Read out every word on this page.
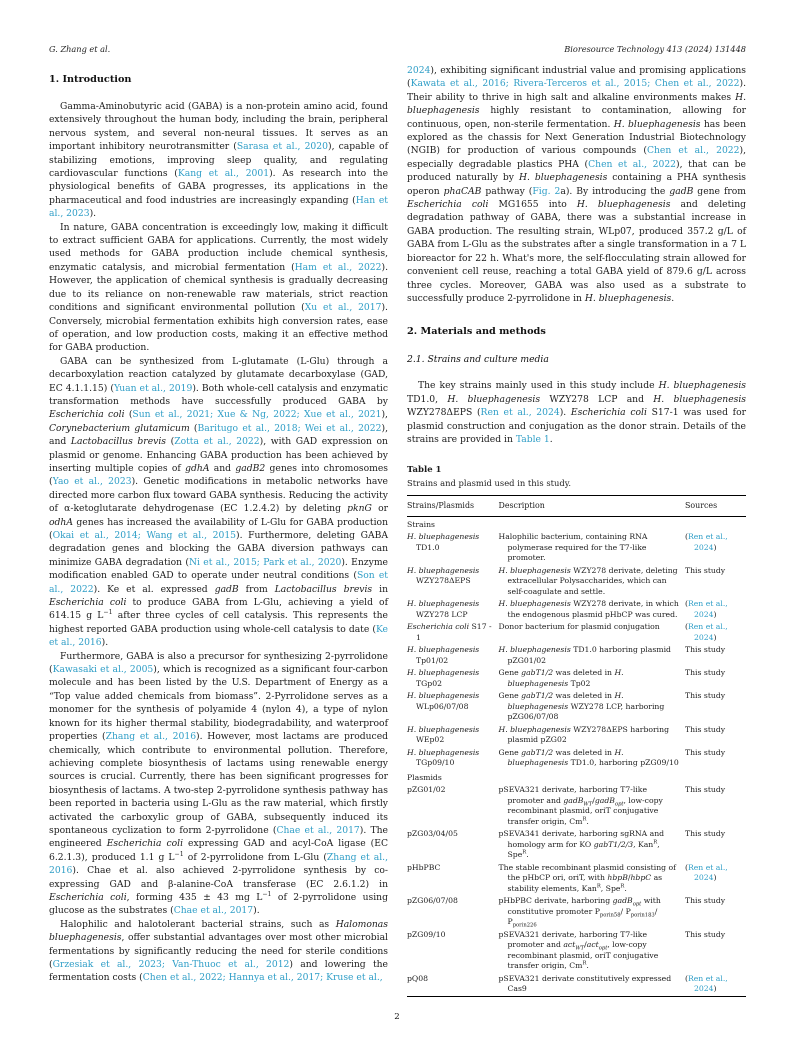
G. Zhang et al.	Bioresource Technology 413 (2024) 131448
1. Introduction

Gamma-Aminobutyric acid (GABA) is a non-protein amino acid, found extensively throughout the human body, including the brain, peripheral nervous system, and several non-neural tissues. It serves as an important inhibitory neurotransmitter (Sarasa et al., 2020), capable of stabilizing emotions, improving sleep quality, and regulating cardiovascular functions (Kang et al., 2001). As research into the physiological benefits of GABA progresses, its applications in the pharmaceutical and food industries are increasingly expanding (Han et al., 2023).

In nature, GABA concentration is exceedingly low, making it difficult to extract sufficient GABA for applications. Currently, the most widely used methods for GABA production include chemical synthesis, enzymatic catalysis, and microbial fermentation (Ham et al., 2022). However, the application of chemical synthesis is gradually decreasing due to its reliance on non-renewable raw materials, strict reaction conditions and significant environmental pollution (Xu et al., 2017). Conversely, microbial fermentation exhibits high conversion rates, ease of operation, and low production costs, making it an effective method for GABA production.

GABA can be synthesized from L-glutamate (L-Glu) through a decarboxylation reaction catalyzed by glutamate decarboxylase (GAD, EC 4.1.1.15) (Yuan et al., 2019). Both whole-cell catalysis and enzymatic transformation methods have successfully produced GABA by Escherichia coli (Sun et al., 2021; Xue & Ng, 2022; Xue et al., 2021), Corynebacterium glutamicum (Baritugo et al., 2018; Wei et al., 2022), and Lactobacillus brevis (Zotta et al., 2022), with GAD expression on plasmid or genome. Enhancing GABA production has been achieved by inserting multiple copies of gdhA and gadB2 genes into chromosomes (Yao et al., 2023). Genetic modifications in metabolic networks have directed more carbon flux toward GABA synthesis. Reducing the activity of α-ketoglutarate dehydrogenase (EC 1.2.4.2) by deleting pknG or odhA genes has increased the availability of L-Glu for GABA production (Okai et al., 2014; Wang et al., 2015). Furthermore, deleting GABA degradation genes and blocking the GABA diversion pathways can minimize GABA degradation (Ni et al., 2015; Park et al., 2020). Enzyme modification enabled GAD to operate under neutral conditions (Son et al., 2022). Ke et al. expressed gadB from Lactobacillus brevis in Escherichia coli to produce GABA from L-Glu, achieving a yield of 614.15 g $L^{-1}$ after three cycles of cell catalysis. This represents the highest reported GABA production using whole-cell catalysis to date (Ke et al., 2016).

Furthermore, GABA is also a precursor for synthesizing 2-pyrrolidone (Kawasaki et al., 2005), which is recognized as a significant four-carbon molecule and has been listed by the U.S. Department of Energy as a “Top value added chemicals from biomass”. 2-Pyrrolidone serves as a monomer for the synthesis of polyamide 4 (nylon 4), a type of nylon known for its higher thermal stability, biodegradability, and waterproof properties (Zhang et al., 2016). However, most lactams are produced chemically, which contribute to environmental pollution. Therefore, achieving complete biosynthesis of lactams using renewable energy sources is crucial. Currently, there has been significant progresses for biosynthesis of lactams. A two-step 2-pyrrolidone synthesis pathway has been reported in bacteria using L-Glu as the raw material, which firstly activated the carboxylic group of GABA, subsequently induced its spontaneous cyclization to form 2-pyrrolidone (Chae et al., 2017). The engineered Escherichia coli expressing GAD and acyl-CoA ligase (EC 6.2.1.3), produced 1.1 g $L^{-1}$ of 2-pyrrolidone from L-Glu (Zhang et al., 2016). Chae et al. also achieved 2-pyrrolidone synthesis by co-expressing GAD and β-alanine-CoA transferase (EC 2.6.1.2) in Escherichia coli, forming 435 ± 43 mg $L^{-1}$ of 2-pyrrolidone using glucose as the substrates (Chae et al., 2017).

Halophilic and halotolerant bacterial strains, such as Halomonas bluephagenesis, offer substantial advantages over most other microbial fermentations by significantly reducing the need for sterile conditions (Grzesiak et al., 2023; Van-Thuoc et al., 2012) and lowering the fermentation costs (Chen et al., 2022; Hannya et al., 2017; Kruse et al.,

2024), exhibiting significant industrial value and promising applications (Kawata et al., 2016; Rivera-Terceros et al., 2015; Chen et al., 2022). Their ability to thrive in high salt and alkaline environments makes H. bluephagenesis highly resistant to contamination, allowing for continuous, open, non-sterile fermentation. H. bluephagenesis has been explored as the chassis for Next Generation Industrial Biotechnology (NGIB) for production of various compounds (Chen et al., 2022), especially degradable plastics PHA (Chen et al., 2022), that can be produced naturally by H. bluephagenesis containing a PHA synthesis operon phaCAB pathway (Fig. 2a). By introducing the gadB gene from Escherichia coli MG1655 into H. bluephagenesis and deleting degradation pathway of GABA, there was a substantial increase in GABA production. The resulting strain, WLp07, produced 357.2 g/L of GABA from L-Glu as the substrates after a single transformation in a 7 L bioreactor for 22 h. What's more, the self-flocculating strain allowed for convenient cell reuse, reaching a total GABA yield of 879.6 g/L across three cycles. Moreover, GABA was also used as a substrate to successfully produce 2-pyrrolidone in H. bluephagenesis.

2. Materials and methods
2.1. Strains and culture media

The key strains mainly used in this study include H. bluephagenesis TD1.0, H. bluephagenesis WZY278 LCP and H. bluephagenesis WZY278ΔEPS (Ren et al., 2024). Escherichia coli S17-1 was used for plasmid construction and conjugation as the donor strain. Details of the strains are provided in Table 1.

Table 1
Strains and plasmid used in this study.
Strains/Plasmids	Description	Sources
Strains		

H. bluephagenesis TD1.0	Halophilic bacterium, containing RNA polymerase required for the T7-like promoter.	(Ren et al., 2024)

H. bluephagenesis WZY278ΔEPS	H. bluephagenesis WZY278 derivate, deleting extracellular Polysaccharides, which can self-coagulate and settle.	This study

H. bluephagenesis WZY278 LCP	H. bluephagenesis WZY278 derivate, in which the endogenous plasmid pHbCP was cured.	(Ren et al., 2024)

Escherichia coli S17 - 1	Donor bacterium for plasmid conjugation	(Ren et al., 2024)

H. bluephagenesis Tp01/02	H. bluephagenesis TD1.0 harboring plasmid pZG01/02	This study

H. bluephagenesis TGp02	Gene gabT1/2 was deleted in H. bluephagenesis Tp02	This study

H. bluephagenesis WLp06/07/08	Gene gabT1/2 was deleted in H. bluephagenesis WZY278 LCP, harboring pZG06/07/08	This study

H. bluephagenesis WEp02	H. bluephagenesis WZY278ΔEPS harboring plasmid pZG02	This study

H. bluephagenesis TGp09/10	Gene gabT1/2 was deleted in H. bluephagenesis TD1.0, harboring pZG09/10	This study

Plasmids		

pZG01/02	pSEVA321 derivate, harboring T7-like promoter and gadB$_{WT}$/gadB$_{opt}$, low-copy recombinant plasmid, oriT conjugative transfer origin, $Cm^R$.	This study

pZG03/04/05	pSEVA341 derivate, harboring sgRNA and homology arm for KO gabT1/2/3, Kan$^R$, Spe$^R$.	This study

pHbPBC	The stable recombinant plasmid consisting of the pHbCP ori, oriT, with hbpB/hbpC as stability elements, Kan$^R$, Spe$^R$.	(Ren et al., 2024)

pZG06/07/08	pHbPBC derivate, harboring gadB$_{opt}$ with constitutive promoter $P_{porin58}/$ $P_{porin183}/$ $P_{porin226}$	This study

pZG09/10	pSEVA321 derivate, harboring T7-like promoter and act$_{WT}$/act$_{opt}$, low-copy recombinant plasmid, oriT conjugative transfer origin, $Cm^R$.	This study

pQ08	pSEVA321 derivate constitutively expressed Cas9	(Ren et al., 2024)
2
